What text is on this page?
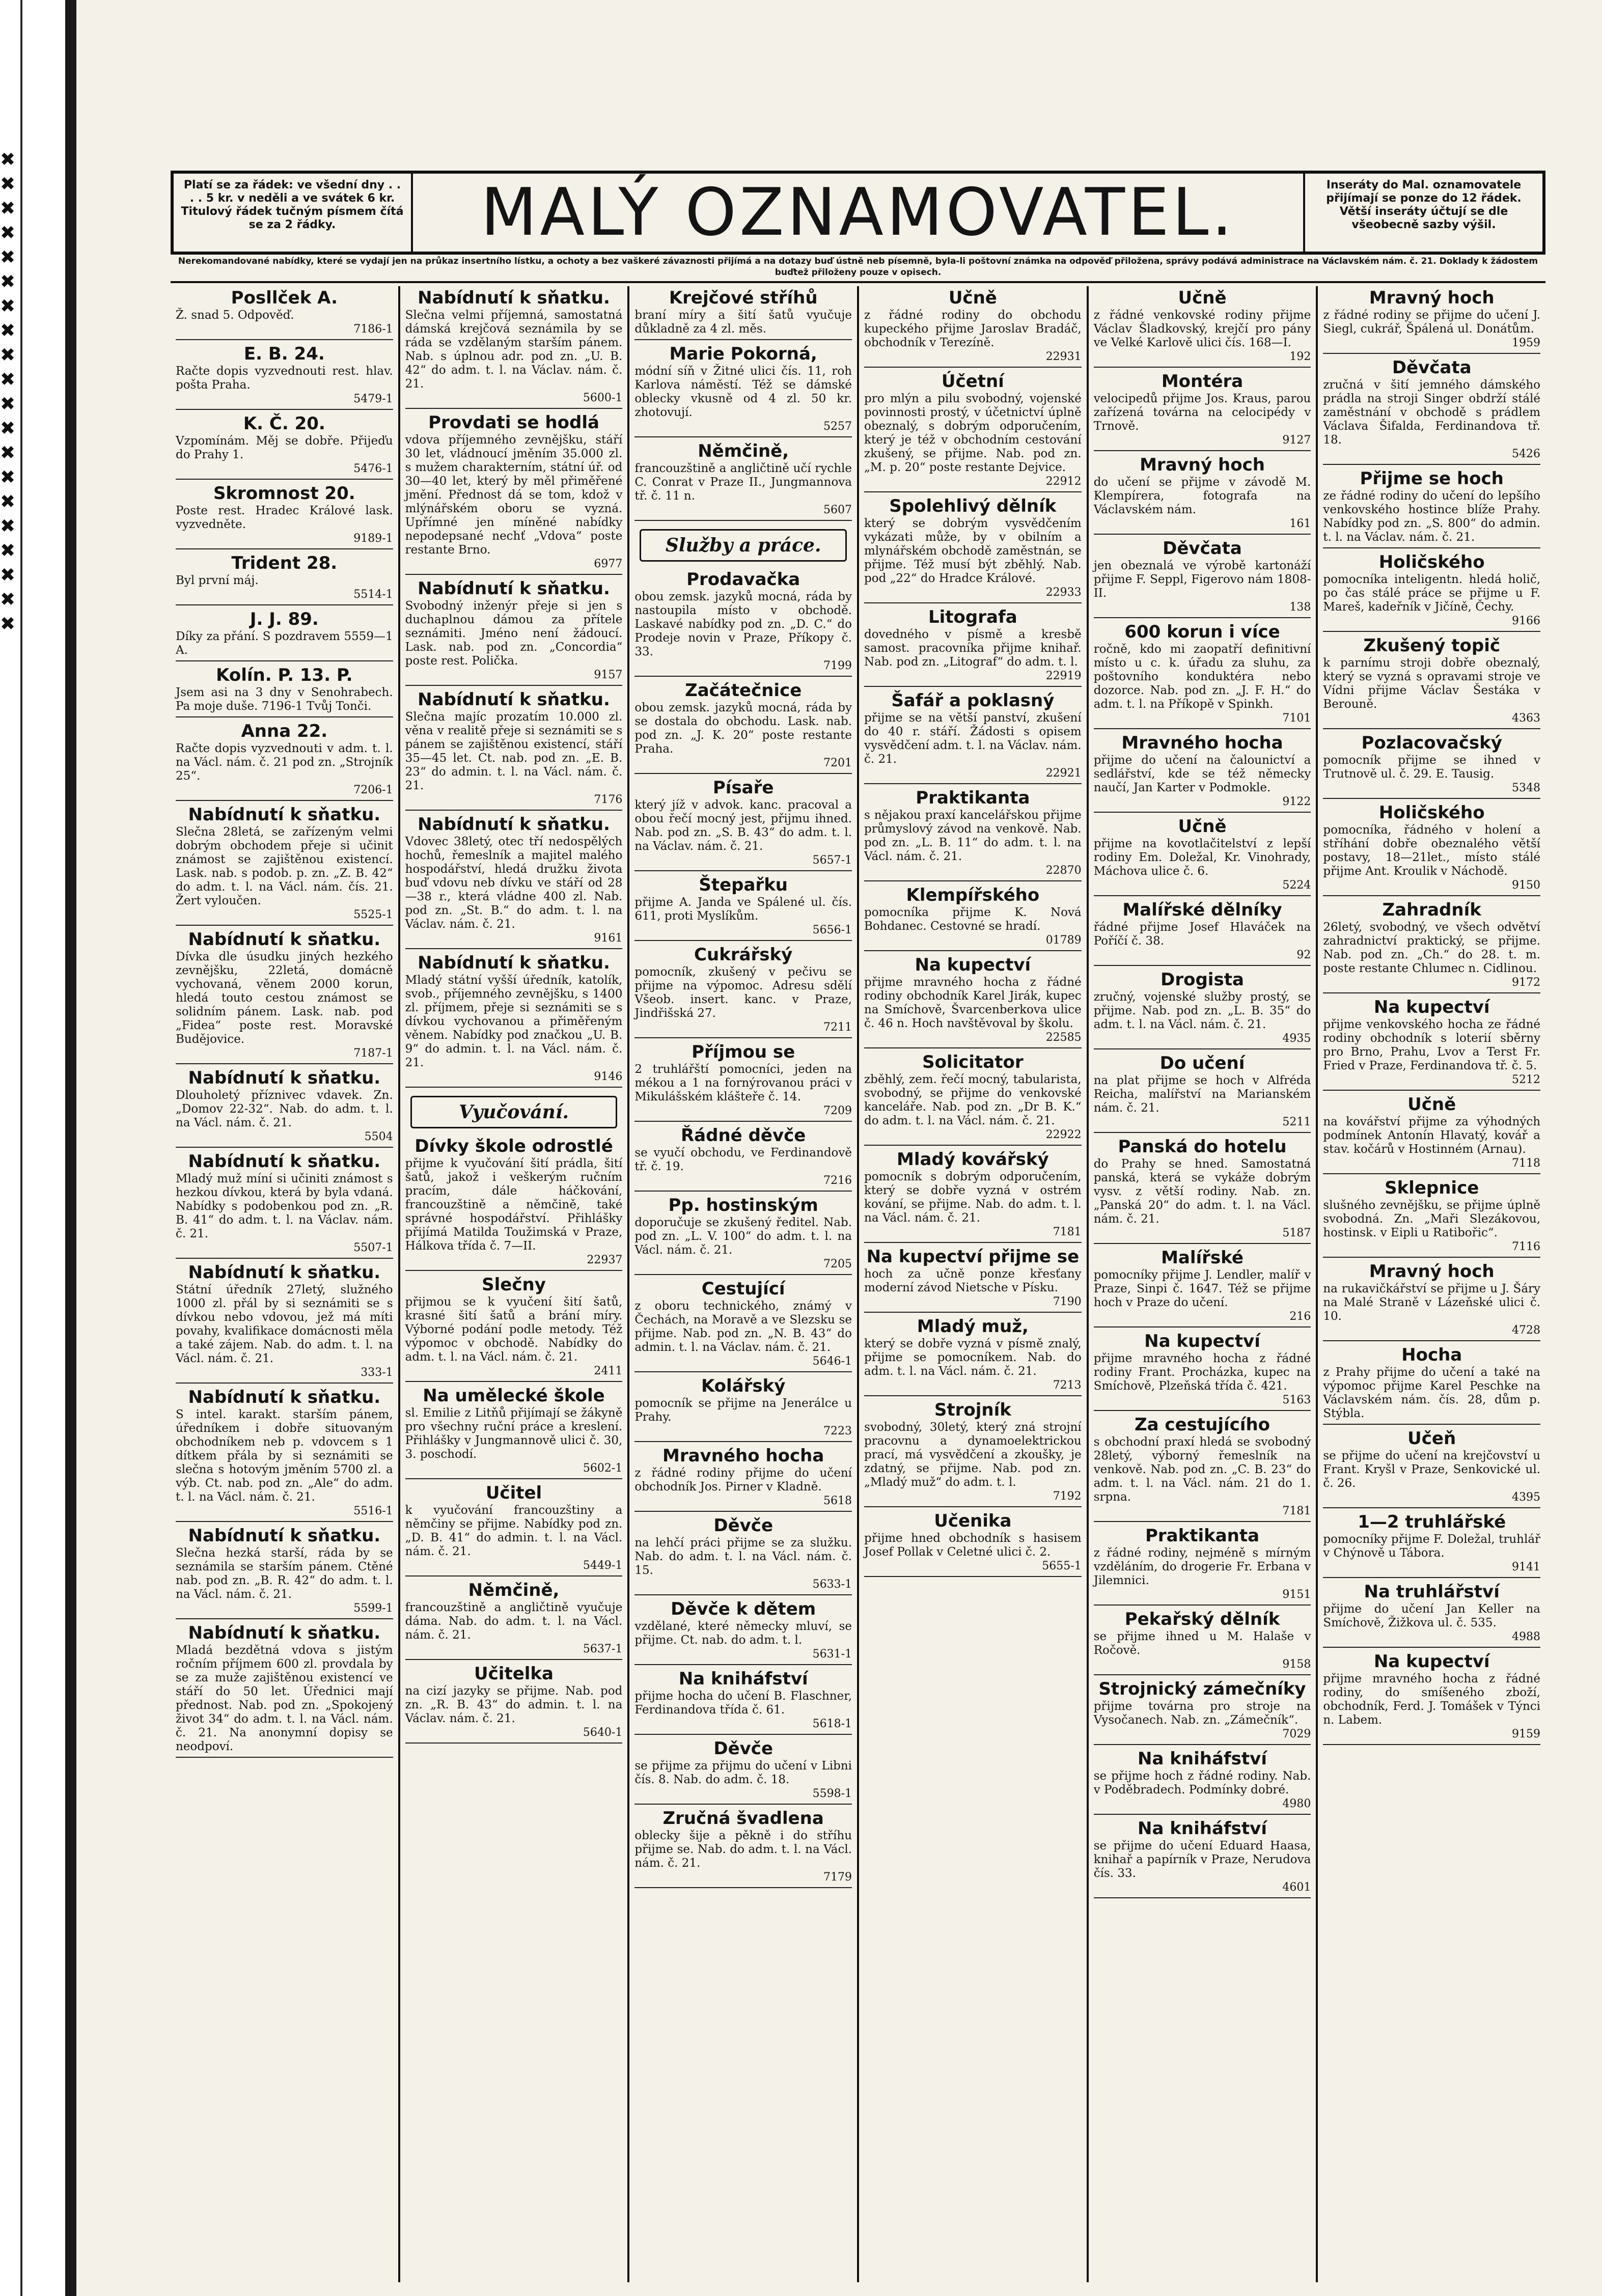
✖
✖
✖
✖
✖
✖
✖
✖
✖
✖
✖
✖
✖
✖
✖
✖
✖
✖
✖
✖
Platí se za řádek: ve všední dny . . . . 5 kr. v neděli a ve svátek 6 kr. Titulový řádek tučným písmem čítá se za 2 řádky.	MALÝ OZNAMOVATEL.	Inseráty do Mal. oznamovatele přijímají se ponze do 12 řádek. Větší inseráty účtují se dle všeobecně sazby výšil.
Nerekomandované nabídky, které se vydají jen na průkaz insertního lístku, a ochoty a bez vaškeré závaznosti přijímá a na dotazy buď ústně neb písemně, byla-li poštovní známka na odpověď přiložena, správy podává administrace na Václavském nám. č. 21. Doklady k žádostem buďtež přiloženy pouze v opisech.
Posllček A.

Ž. snad 5. Odpověď.

7186-1

E. B. 24.

Račte dopis vyzvednouti rest. hlav. pošta Praha.

5479-1

K. Č. 20.

Vzpomínám. Měj se dobře. Přijeďu do Prahy 1.

5476-1

Skromnost 20.

Poste rest. Hradec Králové lask. vyzvedněte.

9189-1

Trident 28.

Byl první máj.

5514-1

J. J. 89.

Díky za přání. S pozdravem 5559—1 A.

Kolín. P. 13. P.

Jsem asi na 3 dny v Senohrabech. Pa moje duše. 7196-1 Tvůj Tonči.

Anna 22.

Račte dopis vyzvednouti v adm. t. l. na Václ. nám. č. 21 pod zn. „Strojník 25“.

7206-1

Nabídnutí k sňatku.

Slečna 28letá, se zařízeným velmi dobrým obchodem přeje si učinit známost se zajištěnou existencí. Lask. nab. s podob. p. zn. „Z. B. 42“ do adm. t. l. na Václ. nám. čís. 21. Žert vyloučen.

5525-1

Nabídnutí k sňatku.

Dívka dle úsudku jiných hezkého zevnějšku, 22letá, domácně vychovaná, věnem 2000 korun, hledá touto cestou známost se solidním pánem. Lask. nab. pod „Fidea“ poste rest. Moravské Budějovice.

7187-1

Nabídnutí k sňatku.

Dlouholetý příznivec vdavek. Zn. „Domov 22-32“. Nab. do adm. t. l. na Václ. nám. č. 21.

5504

Nabídnutí k sňatku.

Mladý muž míní si učiniti známost s hezkou dívkou, která by byla vdaná. Nabídky s podobenkou pod zn. „R. B. 41“ do adm. t. l. na Václav. nám. č. 21.

5507-1

Nabídnutí k sňatku.

Státní úředník 27letý, služného 1000 zl. přál by si seznámiti se s dívkou nebo vdovou, jež má míti povahy, kvalifikace domácnosti měla a také zájem. Nab. do adm. t. l. na Václ. nám. č. 21.

333-1

Nabídnutí k sňatku.

S intel. karakt. starším pánem, úředníkem i dobře situovaným obchodníkem neb p. vdovcem s 1 dítkem přála by si seznámiti se slečna s hotovým jměním 5700 zl. a výb. Ct. nab. pod zn. „Ale“ do adm. t. l. na Václ. nám. č. 21.

5516-1

Nabídnutí k sňatku.

Slečna hezká starší, ráda by se seznámila se starším pánem. Ctěné nab. pod zn. „B. R. 42“ do adm. t. l. na Václ. nám. č. 21.

5599-1

Nabídnutí k sňatku.

Mladá bezdětná vdova s jistým ročním příjmem 600 zl. provdala by se za muže zajištěnou existencí ve stáří do 50 let. Úřednici mají přednost. Nab. pod zn. „Spokojený život 34“ do adm. t. l. na Václ. nám. č. 21. Na anonymní dopisy se neodpoví.

Nabídnutí k sňatku.

Slečna velmi příjemná, samostatná dámská krejčová seznámila by se ráda se vzdělaným starším pánem. Nab. s úplnou adr. pod zn. „U. B. 42“ do adm. t. l. na Václav. nám. č. 21.

5600-1

Provdati se hodlá

vdova příjemného zevnějšku, stáří 30 let, vládnoucí jměním 35.000 zl. s mužem charakterním, státní úř. od 30—40 let, který by měl přiměřené jmění. Přednost dá se tom, kdož v mlýnářském oboru se vyzná. Upřímné jen míněné nabídky nepodepsané nechť „Vdova“ poste restante Brno.

6977

Nabídnutí k sňatku.

Svobodný inženýr přeje si jen s duchaplnou dámou za přítele seznámiti. Jméno není žádoucí. Lask. nab. pod zn. „Concordia“ poste rest. Polička.

9157

Nabídnutí k sňatku.

Slečna majíc prozatím 10.000 zl. věna v realitě přeje si seznámiti se s pánem se zajištěnou existencí, stáří 35—45 let. Ct. nab. pod zn. „E. B. 23“ do admin. t. l. na Václ. nám. č. 21.

7176

Nabídnutí k sňatku.

Vdovec 38letý, otec tří nedospělých hochů, řemeslník a majitel malého hospodářství, hledá družku života buď vdovu neb dívku ve stáří od 28—38 r., která vládne 400 zl. Nab. pod zn. „St. B.“ do adm. t. l. na Václav. nám. č. 21.

9161

Nabídnutí k sňatku.

Mladý státní vyšší úředník, katolík, svob., příjemného zevnějšku, s 1400 zl. příjmem, přeje si seznámiti se s dívkou vychovanou a přiměřeným věnem. Nabídky pod značkou „U. B. 9“ do admin. t. l. na Václ. nám. č. 21.

9146

Vyučování.
Dívky škole odrostlé

přijme k vyučování šití prádla, šití šatů, jakož i veškerým ručním pracím, dále háčkování, francouzštině a němčině, také správné hospodářství. Přihlášky přijímá Matilda Toužimská v Praze, Hálkova třída č. 7—II.

22937

Slečny

přijmou se k vyučení šití šatů, krasné šití šatů a brání míry. Výborné podání podle metody. Též výpomoc v obchodě. Nabídky do adm. t. l. na Václ. nám. č. 21.

2411

Na umělecké škole

sl. Emilie z Litňů přijímají se žákyně pro všechny ruční práce a kreslení. Přihlášky v Jungmannově ulici č. 30, 3. poschodí.

5602-1

Učitel

k vyučování francouzštiny a němčiny se přijme. Nabídky pod zn. „D. B. 41“ do admin. t. l. na Václ. nám. č. 21.

5449-1

Němčině,

francouzštině a angličtině vyučuje dáma. Nab. do adm. t. l. na Václ. nám. č. 21.

5637-1

Učitelka

na cizí jazyky se přijme. Nab. pod zn. „R. B. 43“ do admin. t. l. na Václav. nám. č. 21.

5640-1

Krejčové stříhů

braní míry a šití šatů vyučuje důkladně za 4 zl. měs.

Marie Pokorná,

módní síň v Žitné ulici čís. 11, roh Karlova náměstí. Též se dámské oblecky vkusně od 4 zl. 50 kr. zhotovují.

5257

Němčině,

francouzštině a angličtině učí rychle C. Conrat v Praze II., Jungmannova tř. č. 11 n.

5607

Služby a práce.
Prodavačka

obou zemsk. jazyků mocná, ráda by nastoupila místo v obchodě. Laskavé nabídky pod zn. „D. C.“ do Prodeje novin v Praze, Příkopy č. 33.

7199

Začátečnice

obou zemsk. jazyků mocná, ráda by se dostala do obchodu. Lask. nab. pod zn. „J. K. 20“ poste restante Praha.

7201

Písaře

který jíž v advok. kanc. pracoval a obou řečí mocný jest, přijmu ihned. Nab. pod zn. „S. B. 43“ do adm. t. l. na Václav. nám. č. 21.

5657-1

Štepařku

přijme A. Janda ve Spálené ul. čís. 611, proti Myslíkům.

5656-1

Cukrářský

pomocník, zkušený v pečivu se přijme na výpomoc. Adresu sdělí Všeob. insert. kanc. v Praze, Jindřišská 27.

7211

Příjmou se

2 truhlářští pomocníci, jeden na mékou a 1 na fornýrovanou práci v Mikulášském klášteře č. 14.

7209

Řádné děvče

se vyučí obchodu, ve Ferdinandově tř. č. 19.

7216

Pp. hostinským

doporučuje se zkušený ředitel. Nab. pod zn. „L. V. 100“ do adm. t. l. na Václ. nám. č. 21.

7205

Cestující

z oboru technického, známý v Čechách, na Moravě a ve Slezsku se přijme. Nab. pod zn. „N. B. 43“ do admin. t. l. na Václav. nám. č. 21.

5646-1

Kolářský

pomocník se přijme na Jenerálce u Prahy.

7223

Mravného hocha

z řádné rodiny přijme do učení obchodník Jos. Pirner v Kladně.

5618

Děvče

na lehčí práci přijme se za služku. Nab. do adm. t. l. na Václ. nám. č. 15.

5633-1

Děvče k dětem

vzdělané, které německy mluví, se přijme. Ct. nab. do adm. t. l.

5631-1

Na kniháfství

přijme hocha do učení B. Flaschner, Ferdinandova třída č. 61.

5618-1

Děvče

se přijme za přijmu do učení v Libni čís. 8. Nab. do adm. č. 18.

5598-1

Zručná švadlena

oblecky šije a pěkně i do stříhu přijme se. Nab. do adm. t. l. na Václ. nám. č. 21.

7179

Učně

z řádné rodiny do obchodu kupeckého přijme Jaroslav Bradáč, obchodník v Terezíně.

22931

Účetní

pro mlýn a pilu svobodný, vojenské povinnosti prostý, v účetnictví úplně obeznalý, s dobrým odporučením, který je též v obchodním cestování zkušený, se přijme. Nab. pod zn. „M. p. 20“ poste restante Dejvice.

22912

Spolehlivý dělník

který se dobrým vysvědčením vykázati může, by v obilním a mlynářském obchodě zaměstnán, se přijme. Též musí být zběhlý. Nab. pod „22“ do Hradce Králové.

22933

Litografa

dovedného v písmě a kresbě samost. pracovníka přijme knihař. Nab. pod zn. „Litograf“ do adm. t. l.

22919

Šafář a poklasný

přijme se na větší panství, zkušení do 40 r. stáří. Žádosti s opisem vysvědčení adm. t. l. na Václav. nám. č. 21.

22921

Praktikanta

s nějakou praxí kancelářskou přijme průmyslový závod na venkově. Nab. pod zn. „L. B. 11“ do adm. t. l. na Václ. nám. č. 21.

22870

Klempířského

pomocníka přijme K. Nová Bohdanec. Cestovné se hradí.

01789

Na kupectví

přijme mravného hocha z řádné rodiny obchodník Karel Jirák, kupec na Smíchově, Švarcenberkova ulice č. 46 n. Hoch navštěvoval by školu.

22585

Solicitator

zběhlý, zem. řečí mocný, tabularista, svobodný, se přijme do venkovské kanceláře. Nab. pod zn. „Dr B. K.“ do adm. t. l. na Václ. nám. č. 21.

22922

Mladý kovářský

pomocník s dobrým odporučením, který se dobře vyzná v ostrém kování, se přijme. Nab. do adm. t. l. na Václ. nám. č. 21.

7181

Na kupectví přijme se

hoch za učně ponze křesťany moderní závod Nietsche v Písku.

7190

Mladý muž,

který se dobře vyzná v písmě znalý, přijme se pomocníkem. Nab. do adm. t. l. na Václ. nám. č. 21.

7213

Strojník

svobodný, 30letý, který zná strojní pracovnu a dynamoelektrickou prací, má vysvědčení a zkoušky, je zdatný, se přijme. Nab. pod zn. „Mladý muž“ do adm. t. l.

7192

Učenika

přijme hned obchodník s hasisem Josef Pollak v Celetné ulici č. 2.

5655-1

Učně

z řádné venkovské rodiny přijme Václav Šladkovský, krejčí pro pány ve Velké Karlově ulici čís. 168—I.

192

Montéra

velocipedů přijme Jos. Kraus, parou zařízená továrna na celocipédy v Trnově.

9127

Mravný hoch

do učení se přijme v závodě M. Klempírera, fotografa na Václavském nám.

161

Děvčata

jen obeznalá ve výrobě kartonáží přijme F. Seppl, Figerovo nám 1808-II.

138

600 korun i více

ročně, kdo mi zaopatří definitivní místo u c. k. úřadu za sluhu, za poštovního konduktéra nebo dozorce. Nab. pod zn. „J. F. H.“ do adm. t. l. na Příkopě v Spinkh.

7101

Mravného hocha

přijme do učení na čalounictví a sedlářství, kde se též německy naučí, Jan Karter v Podmokle.

9122

Učně

přijme na kovotlačitelství z lepší rodiny Em. Doležal, Kr. Vinohrady, Máchova ulice č. 6.

5224

Malířské dělníky

řádné přijme Josef Hlaváček na Poříčí č. 38.

92

Drogista

zručný, vojenské služby prostý, se přijme. Nab. pod zn. „L. B. 35“ do adm. t. l. na Václ. nám. č. 21.

4935

Do učení

na plat přijme se hoch v Alfréda Reicha, malířství na Marianském nám. č. 21.

5211

Panská do hotelu

do Prahy se hned. Samostatná panská, která se vykáže dobrým vysv. z větší rodiny. Nab. zn. „Panská 20“ do adm. t. l. na Václ. nám. č. 21.

5187

Malířské

pomocníky přijme J. Lendler, malíř v Praze, Sinpi č. 1647. Též se přijme hoch v Praze do učení.

216

Na kupectví

přijme mravného hocha z řádné rodiny Frant. Procházka, kupec na Smíchově, Plzeňská třída č. 421.

5163

Za cestujícího

s obchodní praxí hledá se svobodný 28letý, výborný řemeslník na venkově. Nab. pod zn. „C. B. 23“ do adm. t. l. na Václ. nám. 21 do 1. srpna.

7181

Praktikanta

z řádné rodiny, nejméně s mírným vzděláním, do drogerie Fr. Erbana v Jilemnici.

9151

Pekařský dělník

se přijme ihned u M. Halaše v Ročově.

9158

Strojnický zámečníky

přijme továrna pro stroje na Vysočanech. Nab. zn. „Zámečník“.

7029

Na kniháfství

se přijme hoch z řádné rodiny. Nab. v Poděbradech. Podmínky dobré.

4980

Na kniháfství

se přijme do učení Eduard Haasa, knihař a papírník v Praze, Nerudova čís. 33.

4601

Mravný hoch

z řádné rodiny se přijme do učení J. Siegl, cukrář, Špálená ul. Donátům.

1959

Děvčata

zručná v šití jemného dámského prádla na stroji Singer obdrží stálé zaměstnání v obchodě s prádlem Václava Šifalda, Ferdinandova tř. 18.

5426

Přijme se hoch

ze řádné rodiny do učení do lepšího venkovského hostince blíže Prahy. Nabídky pod zn. „S. 800“ do admin. t. l. na Václav. nám. č. 21.

Holičského

pomocníka inteligentn. hledá holič, po čas stálé práce se přijme u F. Mareš, kadeřník v Jičíně, Čechy.

9166

Zkušený topič

k parnímu stroji dobře obeznalý, který se vyzná s opravami stroje ve Vídni přijme Václav Šestáka v Berouně.

4363

Pozlacovačský

pomocník přijme se ihned v Trutnově ul. č. 29. E. Tausig.

5348

Holičského

pomocníka, řádného v holení a stříhání dobře obeznalého větší postavy, 18—21let., místo stálé přijme Ant. Kroulik v Náchodě.

9150

Zahradník

26letý, svobodný, ve všech odvětví zahradnictví praktický, se přijme. Nab. pod zn. „Ch.“ do 28. t. m. poste restante Chlumec n. Cidlinou.

9172

Na kupectví

přijme venkovského hocha ze řádné rodiny obchodník s loterií sběrny pro Brno, Prahu, Lvov a Terst Fr. Fried v Praze, Ferdinandova tř. č. 5.

5212

Učně

na kovářství přijme za výhodných podmínek Antonín Hlavatý, kovář a stav. kočárů v Hostinném (Arnau).

7118

Sklepnice

slušného zevnějšku, se přijme úplně svobodná. Zn. „Maři Slezákovou, hostinsk. v Eipli u Ratibořic“.

7116

Mravný hoch

na rukavičkářství se přijme u J. Šáry na Malé Straně v Lázeňské ulici č. 10.

4728

Hocha

z Prahy přijme do učení a také na výpomoc přijme Karel Peschke na Václavském nám. čís. 28, dům p. Stýbla.

Učeň

se přijme do učení na krejčovství u Frant. Kryšl v Praze, Senkovické ul. č. 26.

4395

1—2 truhlářské

pomocníky přijme F. Doležal, truhlář v Chýnově u Tábora.

9141

Na truhlářství

přijme do učení Jan Keller na Smíchově, Žižkova ul. č. 535.

4988

Na kupectví

přijme mravného hocha z řádné rodiny, do smíšeného zboží, obchodník, Ferd. J. Tomášek v Týnci n. Labem.

9159
